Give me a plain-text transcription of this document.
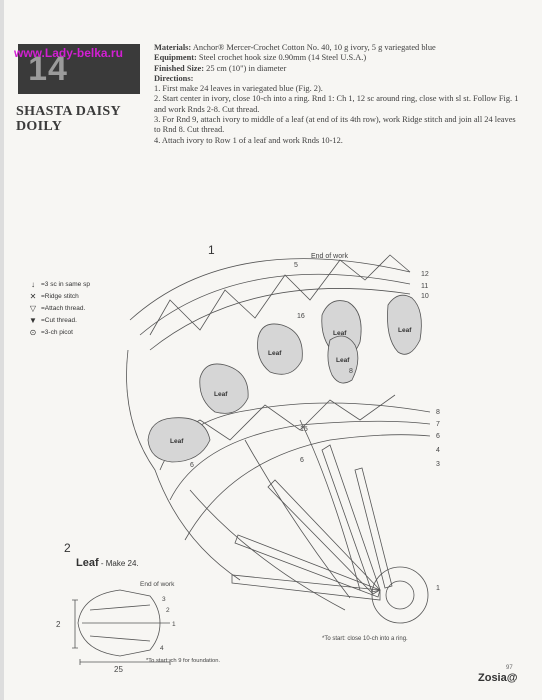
14
www.Lady-belka.ru
SHASTA DAISY
DOILY
Materials: Anchor® Mercer-Crochet Cotton No. 40, 10 g ivory, 5 g variegated blue
Equipment: Steel crochet hook size 0.90mm (14 Steel U.S.A.)
Finished Size: 25 cm (10") in diameter
Directions:
1. First make 24 leaves in variegated blue (Fig. 2).
2. Start center in ivory, close 10-ch into a ring. Rnd 1: Ch 1, 12 sc around ring, close with sl st. Follow Fig. 1 and work Rnds 2-8. Cut thread.
3. For Rnd 9, attach ivory to middle of a leaf (at end of its 4th row), work Ridge stitch and join all 24 leaves to Rnd 8. Cut thread.
4. Attach ivory to Row 1 of a leaf and work Rnds 10-12.
↓ =3 sc in same sp
✕ =Ridge stitch
▽ =Attach thread.
▼ =Cut thread.
⊙ =3-ch picot
1
Leaf
Leaf
Leaf
Leaf	Leaf
Leaf
End of work
12
11
10
8
7
6
4
3
1
5
16
8
15
6
6
*To start: close 10-ch into a ring.
End of work
3
2
1
4
2
25
*To start: ch 9 for foundation.
2
Leaf - Make 24.
97
Zosia@
